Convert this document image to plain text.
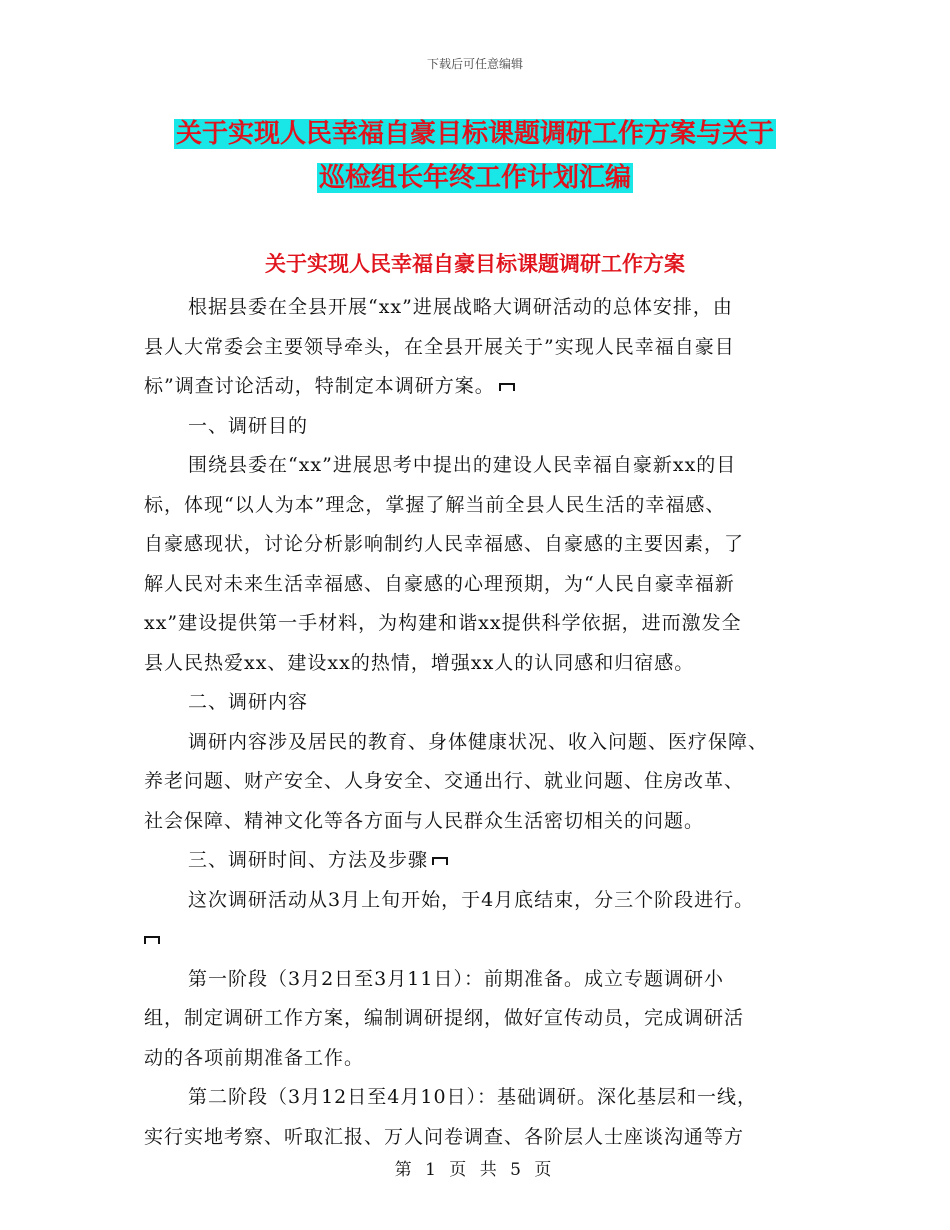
下载后可任意编辑
关于实现人民幸福自豪目标课题调研工作方案与关于
巡检组长年终工作计划汇编
关于实现人民幸福自豪目标课题调研工作方案
根据县委在全县开展“xx”进展战略大调研活动的总体安排，由
县人大常委会主要领导牵头，在全县开展关于”实现人民幸福自豪目
标”调查讨论活动，特制定本调研方案。
一、调研目的
围绕县委在“xx”进展思考中提出的建设人民幸福自豪新xx的目
标，体现“以人为本”理念，掌握了解当前全县人民生活的幸福感、
自豪感现状，讨论分析影响制约人民幸福感、自豪感的主要因素，了
解人民对未来生活幸福感、自豪感的心理预期，为“人民自豪幸福新
xx”建设提供第一手材料，为构建和谐xx提供科学依据，进而激发全
县人民热爱xx、建设xx的热情，增强xx人的认同感和归宿感。
二、调研内容
调研内容涉及居民的教育、身体健康状况、收入问题、医疗保障、
养老问题、财产安全、人身安全、交通出行、就业问题、住房改革、
社会保障、精神文化等各方面与人民群众生活密切相关的问题。
三、调研时间、方法及步骤
这次调研活动从3月上旬开始，于4月底结束，分三个阶段进行。
第一阶段（3月2日至3月11日）：前期准备。成立专题调研小
组，制定调研工作方案，编制调研提纲，做好宣传动员，完成调研活
动的各项前期准备工作。
第二阶段（3月12日至4月10日）：基础调研。深化基层和一线，
实行实地考察、听取汇报、万人问卷调查、各阶层人士座谈沟通等方
第 1 页 共 5 页
